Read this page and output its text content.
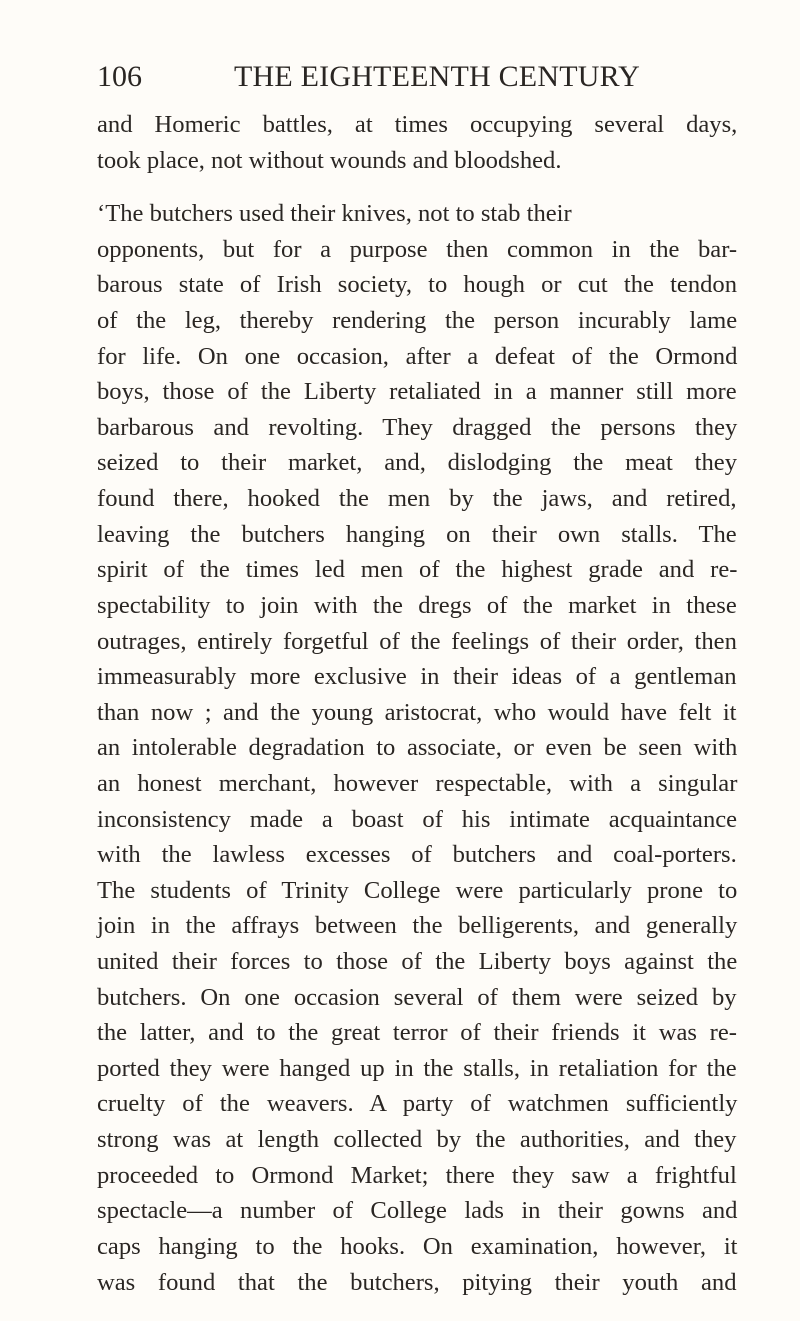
106	THE EIGHTEENTH CENTURY
and Homeric battles, at times occupying several days,
took place, not without wounds and bloodshed.
‘The butchers used their knives, not to stab their
opponents, but for a purpose then common in the bar-
barous state of Irish society, to hough or cut the tendon
of the leg, thereby rendering the person incurably lame
for life. On one occasion, after a defeat of the Ormond
boys, those of the Liberty retaliated in a manner still more
barbarous and revolting. They dragged the persons they
seized to their market, and, dislodging the meat they
found there, hooked the men by the jaws, and retired,
leaving the butchers hanging on their own stalls. The
spirit of the times led men of the highest grade and re-
spectability to join with the dregs of the market in these
outrages, entirely forgetful of the feelings of their order, then
immeasurably more exclusive in their ideas of a gentleman
than now ; and the young aristocrat, who would have felt it
an intolerable degradation to associate, or even be seen with
an honest merchant, however respectable, with a singular
inconsistency made a boast of his intimate acquaintance
with the lawless excesses of butchers and coal-porters.
The students of Trinity College were particularly prone to
join in the affrays between the belligerents, and generally
united their forces to those of the Liberty boys against the
butchers. On one occasion several of them were seized by
the latter, and to the great terror of their friends it was re-
ported they were hanged up in the stalls, in retaliation for the
cruelty of the weavers. A party of watchmen sufficiently
strong was at length collected by the authorities, and they
proceeded to Ormond Market; there they saw a frightful
spectacle—a number of College lads in their gowns and
caps hanging to the hooks. On examination, however, it
was found that the butchers, pitying their youth and
